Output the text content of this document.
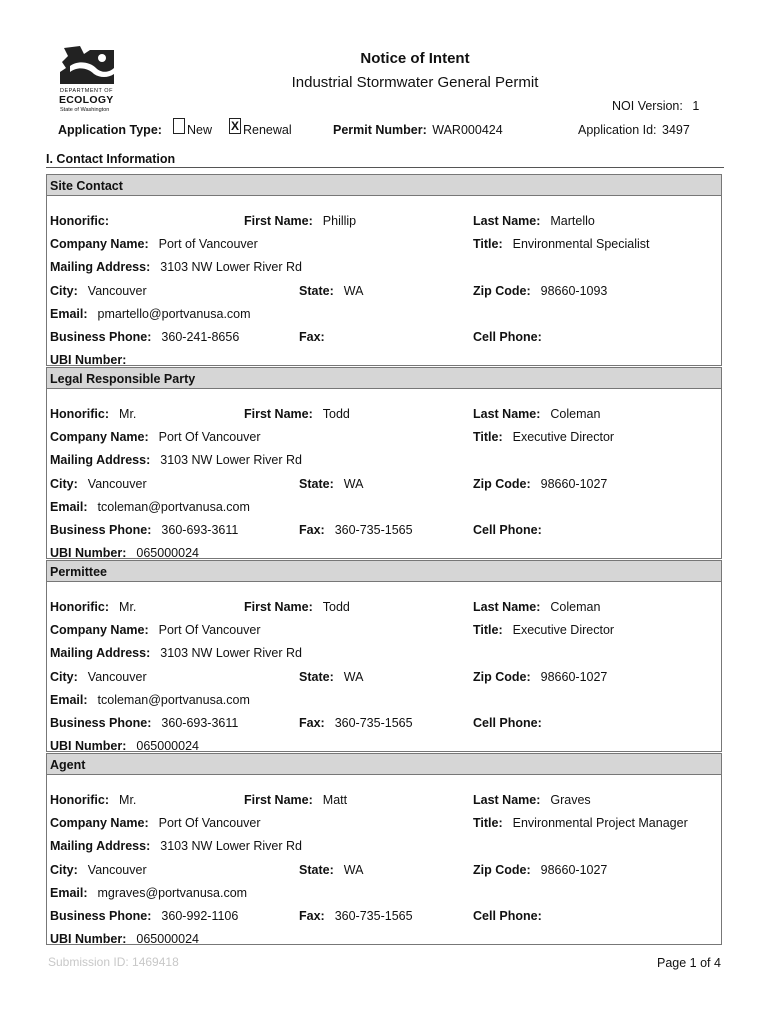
DEPARTMENT OF
ECOLOGY
State of Washington
Notice of Intent
Industrial Stormwater General Permit
NOI Version: 1
Application Type: New X Renewal	Permit Number: WAR000424	Application Id: 3497
I. Contact Information
Site Contact
Honorific:	First Name: Phillip	Last Name: Martello
Company Name: Port of Vancouver	Title: Environmental Specialist
Mailing Address: 3103 NW Lower River Rd
City: Vancouver	State: WA	Zip Code: 98660-1093
Email: pmartello@portvanusa.com
Business Phone: 360-241-8656	Fax:	Cell Phone:
UBI Number:
Legal Responsible Party
Honorific: Mr.	First Name: Todd	Last Name: Coleman
Company Name: Port Of Vancouver	Title: Executive Director
Mailing Address: 3103 NW Lower River Rd
City: Vancouver	State: WA	Zip Code: 98660-1027
Email: tcoleman@portvanusa.com
Business Phone: 360-693-3611	Fax: 360-735-1565	Cell Phone:
UBI Number: 065000024
Permittee
Honorific: Mr.	First Name: Todd	Last Name: Coleman
Company Name: Port Of Vancouver	Title: Executive Director
Mailing Address: 3103 NW Lower River Rd
City: Vancouver	State: WA	Zip Code: 98660-1027
Email: tcoleman@portvanusa.com
Business Phone: 360-693-3611	Fax: 360-735-1565	Cell Phone:
UBI Number: 065000024
Agent
Honorific: Mr.	First Name: Matt	Last Name: Graves
Company Name: Port Of Vancouver	Title: Environmental Project Manager
Mailing Address: 3103 NW Lower River Rd
City: Vancouver	State: WA	Zip Code: 98660-1027
Email: mgraves@portvanusa.com
Business Phone: 360-992-1106	Fax: 360-735-1565	Cell Phone:
UBI Number: 065000024
Submission ID: 1469418	Page 1 of 4
